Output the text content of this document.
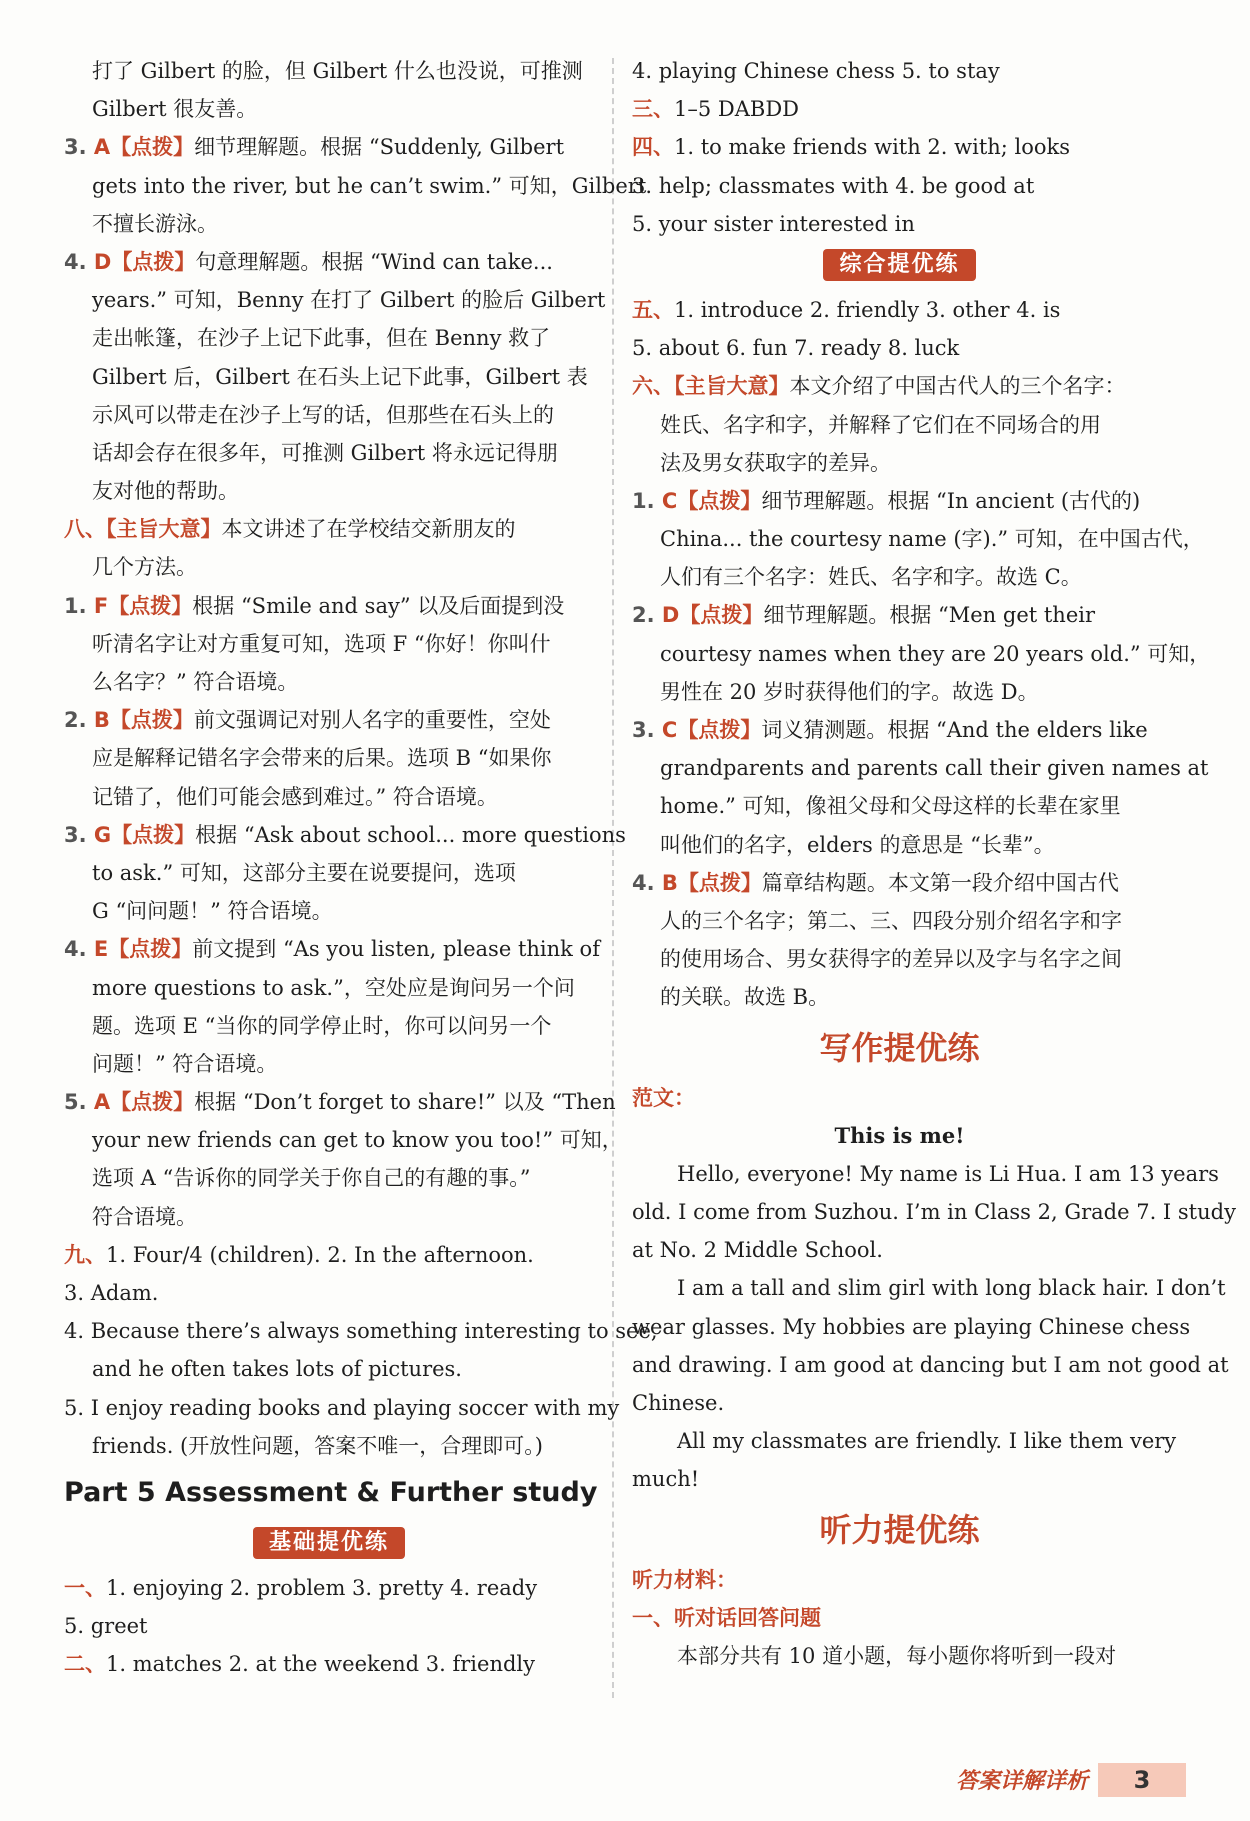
打了 Gilbert 的脸，但 Gilbert 什么也没说，可推测
Gilbert 很友善。
3. A【点拨】细节理解题。根据 “Suddenly, Gilbert
gets into the river, but he can’t swim.” 可知，Gilbert
不擅长游泳。
4. D【点拨】句意理解题。根据 “Wind can take...
years.” 可知，Benny 在打了 Gilbert 的脸后 Gilbert
走出帐篷，在沙子上记下此事，但在 Benny 救了
Gilbert 后，Gilbert 在石头上记下此事，Gilbert 表
示风可以带走在沙子上写的话，但那些在石头上的
话却会存在很多年，可推测 Gilbert 将永远记得朋
友对他的帮助。
八、【主旨大意】本文讲述了在学校结交新朋友的
几个方法。
1. F【点拨】根据 “Smile and say” 以及后面提到没
听清名字让对方重复可知，选项 F “你好！你叫什
么名字？” 符合语境。
2. B【点拨】前文强调记对别人名字的重要性，空处
应是解释记错名字会带来的后果。选项 B “如果你
记错了，他们可能会感到难过。” 符合语境。
3. G【点拨】根据 “Ask about school... more questions
to ask.” 可知，这部分主要在说要提问，选项
G “问问题！” 符合语境。
4. E【点拨】前文提到 “As you listen, please think of
more questions to ask.”，空处应是询问另一个问
题。选项 E “当你的同学停止时，你可以问另一个
问题！” 符合语境。
5. A【点拨】根据 “Don’t forget to share!” 以及 “Then
your new friends can get to know you too!” 可知，
选项 A “告诉你的同学关于你自己的有趣的事。”
符合语境。
九、1. Four/4 (children). 2. In the afternoon.
3. Adam.
4. Because there’s always something interesting to see,
and he often takes lots of pictures.
5. I enjoy reading books and playing soccer with my
friends. (开放性问题，答案不唯一，合理即可。)
Part 5 Assessment & Further study
基础提优练
一、1. enjoying 2. problem 3. pretty 4. ready
5. greet
二、1. matches 2. at the weekend 3. friendly
4. playing Chinese chess 5. to stay
三、1–5 DABDD
四、1. to make friends with 2. with; looks
3. help; classmates with 4. be good at
5. your sister interested in
综合提优练
五、1. introduce 2. friendly 3. other 4. is
5. about 6. fun 7. ready 8. luck
六、【主旨大意】本文介绍了中国古代人的三个名字：
姓氏、名字和字，并解释了它们在不同场合的用
法及男女获取字的差异。
1. C【点拨】细节理解题。根据 “In ancient (古代的)
China... the courtesy name (字).” 可知，在中国古代，
人们有三个名字：姓氏、名字和字。故选 C。
2. D【点拨】细节理解题。根据 “Men get their
courtesy names when they are 20 years old.” 可知，
男性在 20 岁时获得他们的字。故选 D。
3. C【点拨】词义猜测题。根据 “And the elders like
grandparents and parents call their given names at
home.” 可知，像祖父母和父母这样的长辈在家里
叫他们的名字，elders 的意思是 “长辈”。
4. B【点拨】篇章结构题。本文第一段介绍中国古代
人的三个名字；第二、三、四段分别介绍名字和字
的使用场合、男女获得字的差异以及字与名字之间
的关联。故选 B。
写作提优练
范文：
This is me!
Hello, everyone! My name is Li Hua. I am 13 years
old. I come from Suzhou. I’m in Class 2, Grade 7. I study
at No. 2 Middle School.
I am a tall and slim girl with long black hair. I don’t
wear glasses. My hobbies are playing Chinese chess
and drawing. I am good at dancing but I am not good at
Chinese.
All my classmates are friendly. I like them very
much!
听力提优练
听力材料：
一、听对话回答问题
本部分共有 10 道小题，每小题你将听到一段对
答案详解详析 3
